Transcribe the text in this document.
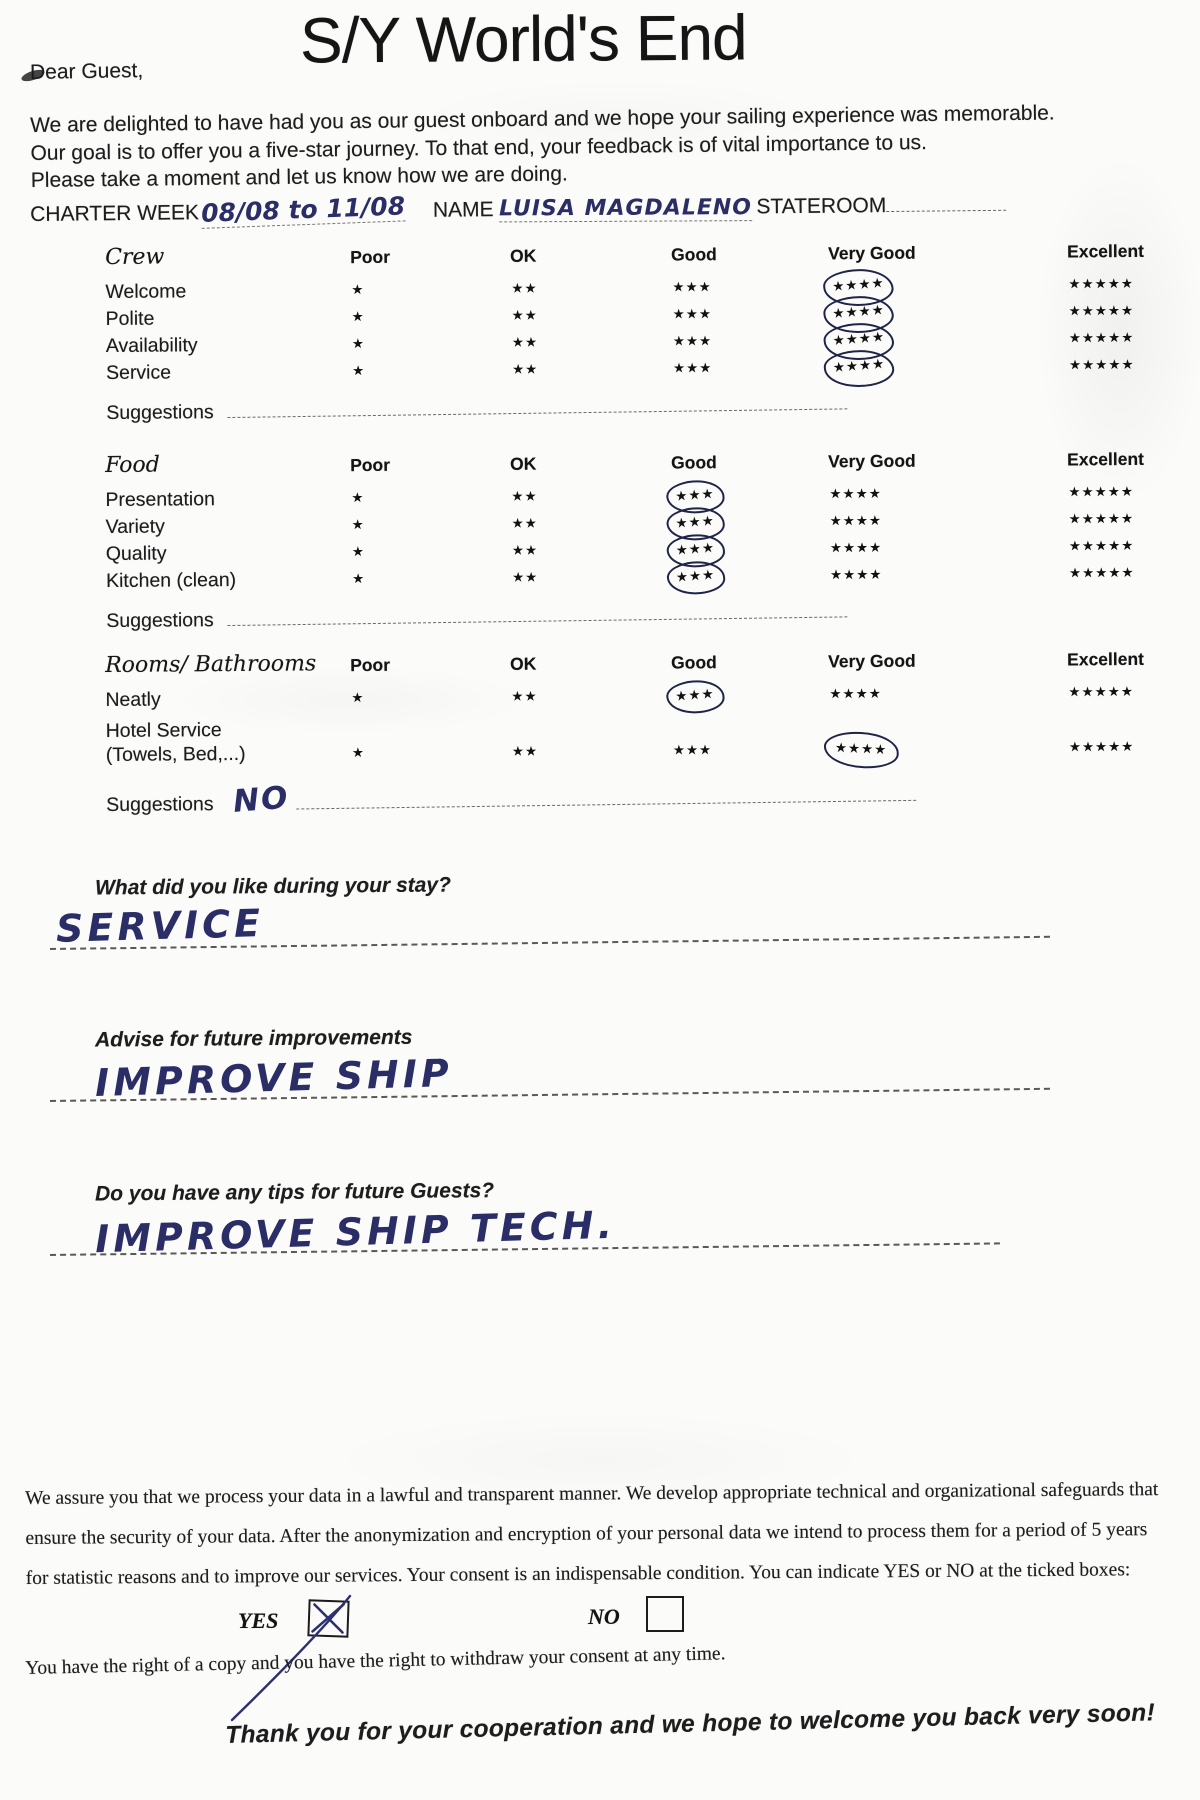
S/Y World's End
Dear Guest,
We are delighted to have had you as our guest onboard and we hope your sailing experience was memorable.
Our goal is to offer you a five-star journey. To that end, your feedback is of vital importance to us.
Please take a moment and let us know how we are doing.
CHARTER WEEK 08/08 to 11/08 NAME LUISA MAGDALENO STATEROOM
Crew	Poor	OK	Good	Very Good	Excellent
Welcome	★	★★	★★★	★★★★	★★★★★
Polite	★	★★	★★★	★★★★	★★★★★
Availability	★	★★	★★★	★★★★	★★★★★
Service	★	★★	★★★	★★★★	★★★★★
Suggestions
Food	Poor	OK	Good	Very Good	Excellent
Presentation	★	★★	★★★	★★★★	★★★★★
Variety	★	★★	★★★	★★★★	★★★★★
Quality	★	★★	★★★	★★★★	★★★★★
Kitchen (clean)	★	★★	★★★	★★★★	★★★★★
Suggestions
Rooms/ Bathrooms	Poor	OK	Good	Very Good	Excellent
Neatly	★	★★	★★★	★★★★	★★★★★
Hotel Service
(Towels, Bed,...)	★	★★	★★★	★★★★	★★★★★
Suggestions NO
What did you like during your stay?
SERVICE
Advise for future improvements
IMPROVE SHIP
Do you have any tips for future Guests?
IMPROVE SHIP TECH.
We assure you that we process your data in a lawful and transparent manner. We develop appropriate technical and organizational safeguards that
ensure the security of your data. After the anonymization and encryption of your personal data we intend to process them for a period of 5 years
for statistic reasons and to improve our services. Your consent is an indispensable condition. You can indicate YES or NO at the ticked boxes:
YES	NO
You have the right of a copy and you have the right to withdraw your consent at any time.
Thank you for your cooperation and we hope to welcome you back very soon!
